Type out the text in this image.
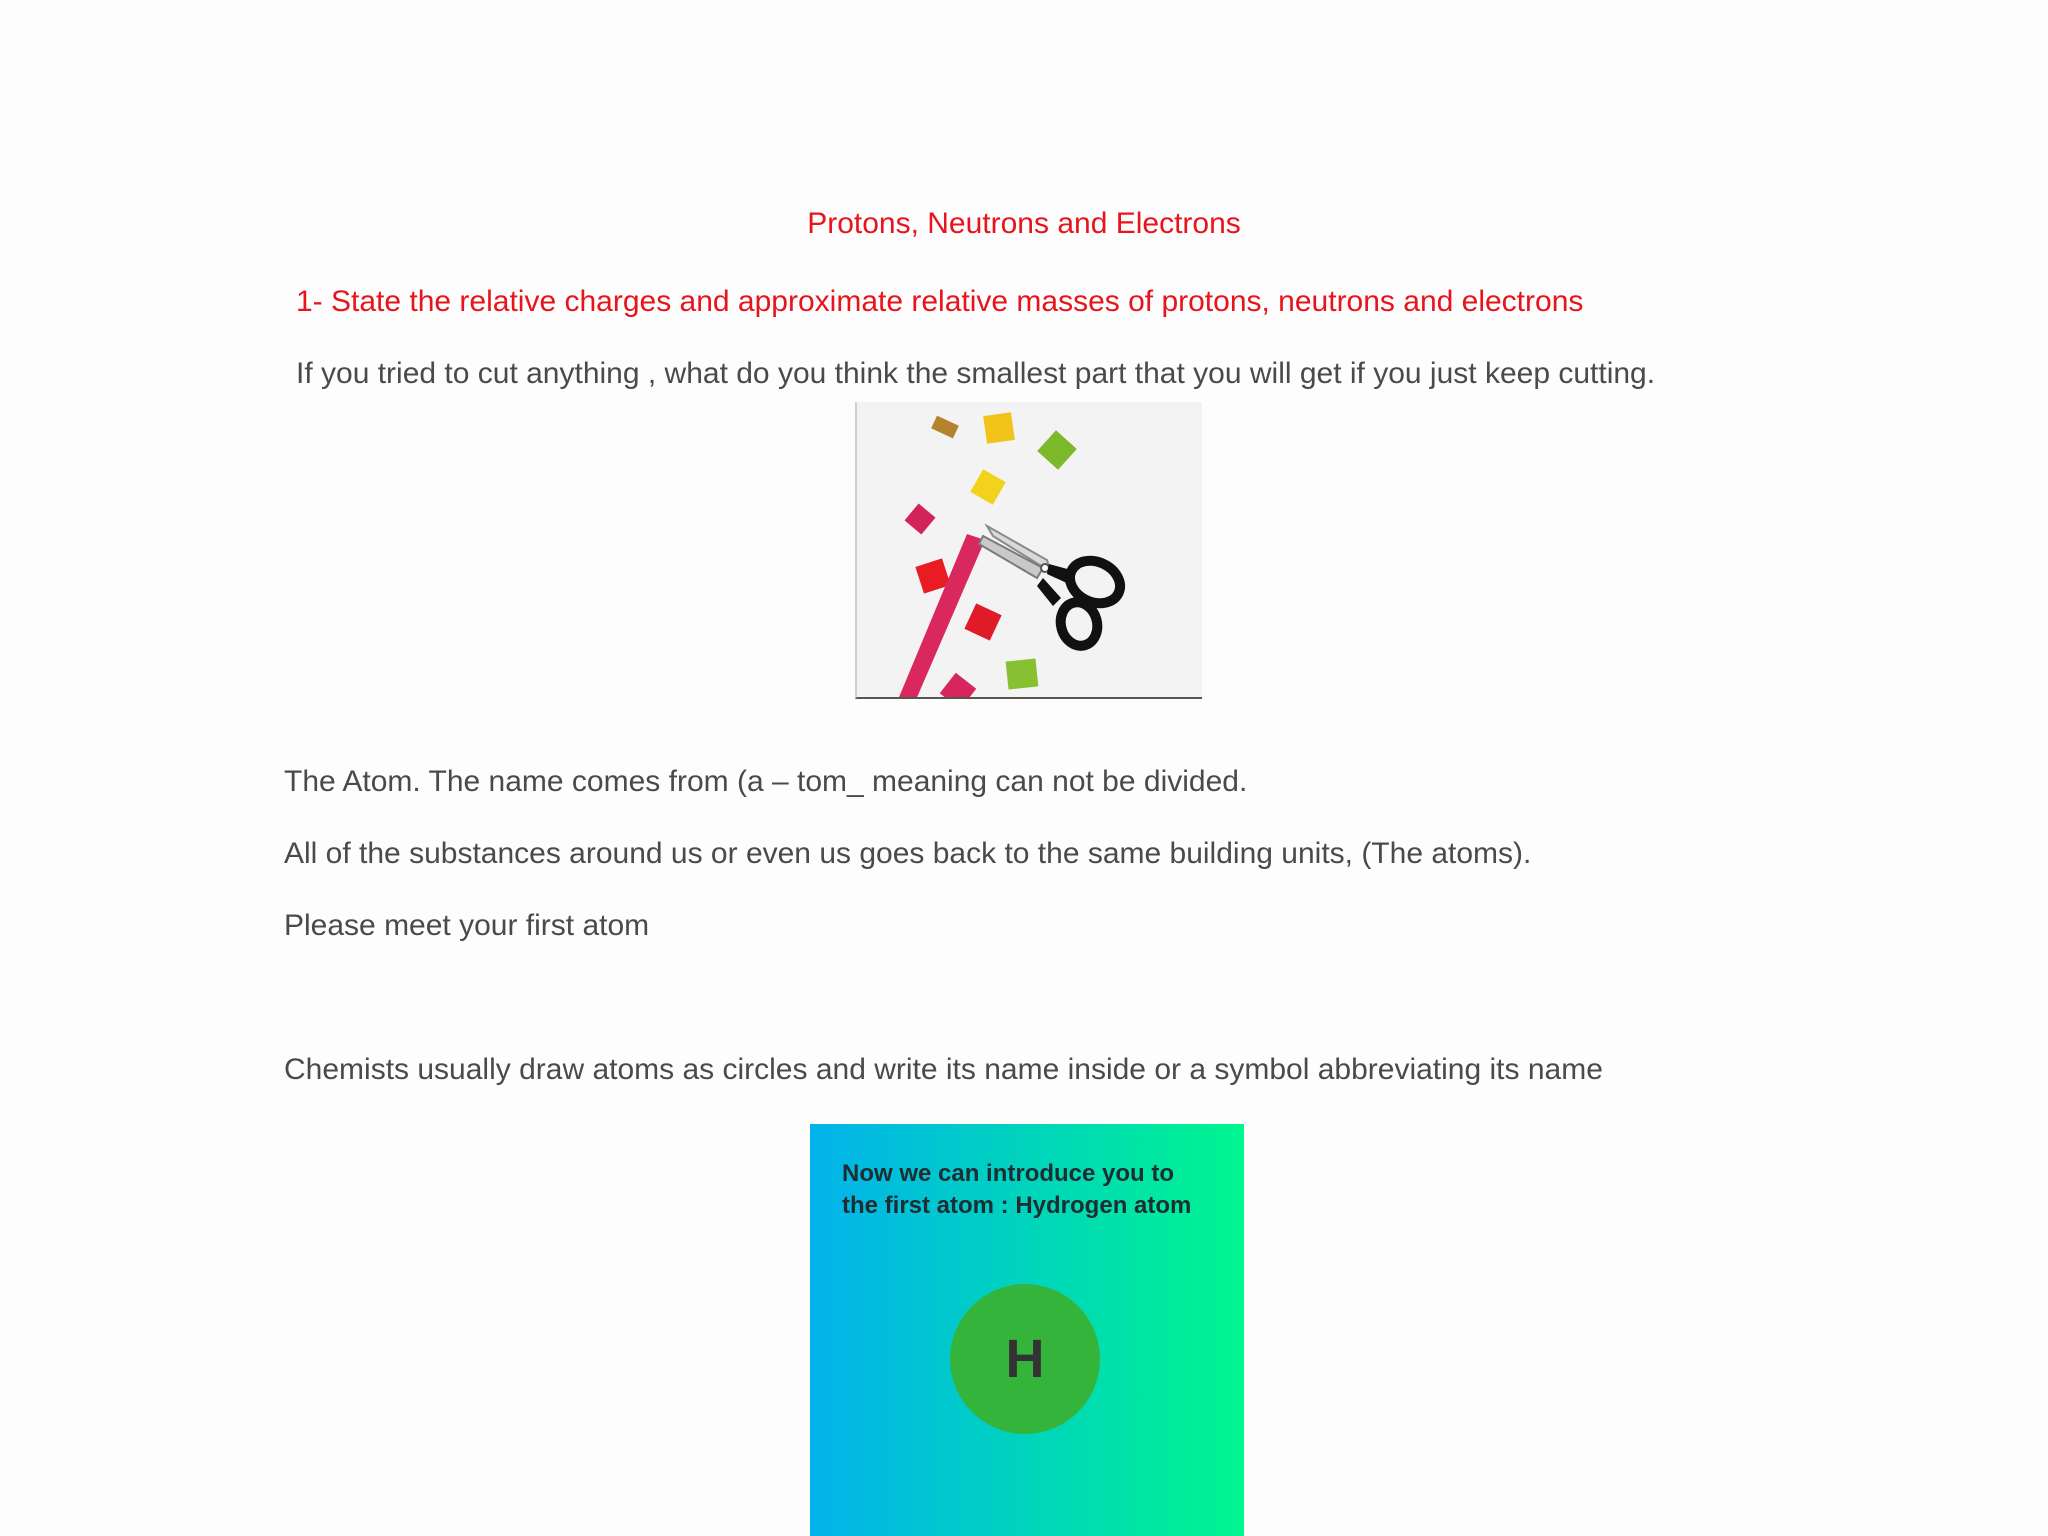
Protons, Neutrons and Electrons
1- State the relative charges and approximate relative masses of protons, neutrons and electrons
If you tried to cut anything , what do you think the smallest part that you will get if you just keep cutting.
The Atom. The name comes from (a – tom_ meaning can not be divided.
All of the substances around us or even us goes back to the same building units, (The atoms).
Please meet your first atom
Chemists usually draw atoms as circles and write its name inside or a symbol abbreviating its name
Now we can introduce you to
the first atom : Hydrogen atom
H
